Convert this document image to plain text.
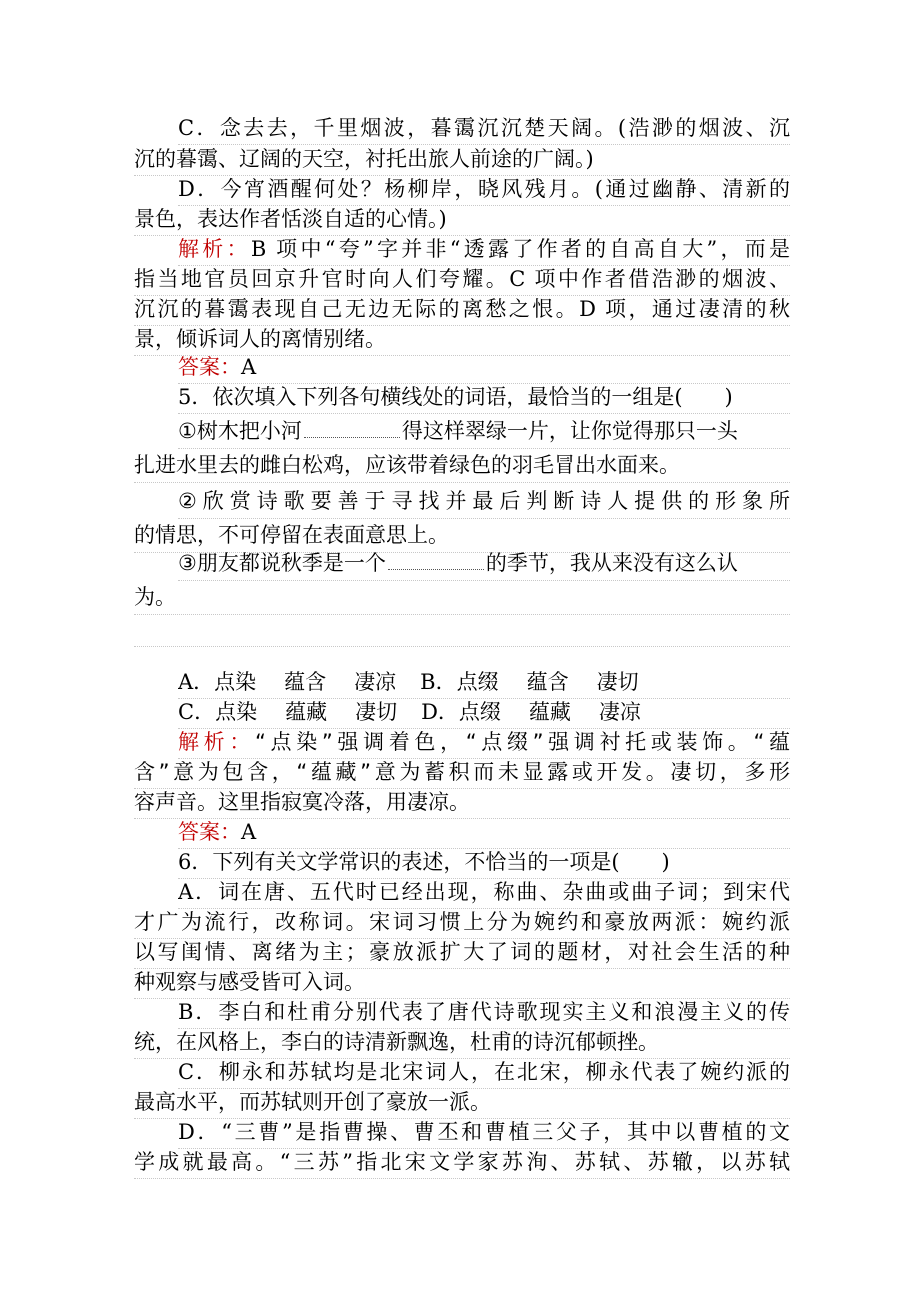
C．念去去，千里烟波，暮霭沉沉楚天阔。(浩渺的烟波、沉
沉的暮霭、辽阔的天空，衬托出旅人前途的广阔。)
D．今宵酒醒何处？杨柳岸，晓风残月。(通过幽静、清新的
景色，表达作者恬淡自适的心情。)
解析：B 项中“夸”字并非“透露了作者的自高自大”，而是
指当地官员回京升官时向人们夸耀。C 项中作者借浩渺的烟波、
沉沉的暮霭表现自己无边无际的离愁之恨。D 项，通过凄清的秋
景，倾诉词人的离情别绪。
答案：A
5．依次填入下列各句横线处的词语，最恰当的一组是(　　)
①树木把小河	得这样翠绿一片，让你觉得那只一头
扎进水里去的雌白松鸡，应该带着绿色的羽毛冒出水面来。
②欣赏诗歌要善于寻找并最后判断诗人提供的形象所
的情思，不可停留在表面意思上。
③朋友都说秋季是一个	的季节，我从来没有这么认
为。
A．点染 蕴含 凄凉 B．点缀 蕴含 凄切
C．点染 蕴藏 凄切 D．点缀 蕴藏 凄凉
解析：“点染”强调着色，“点缀”强调衬托或装饰。“蕴
含”意为包含，“蕴藏”意为蓄积而未显露或开发。凄切，多形
容声音。这里指寂寞冷落，用凄凉。
答案：A
6．下列有关文学常识的表述，不恰当的一项是(　　)
A．词在唐、五代时已经出现，称曲、杂曲或曲子词；到宋代
才广为流行，改称词。宋词习惯上分为婉约和豪放两派：婉约派
以写闺情、离绪为主；豪放派扩大了词的题材，对社会生活的种
种观察与感受皆可入词。
B．李白和杜甫分别代表了唐代诗歌现实主义和浪漫主义的传
统，在风格上，李白的诗清新飘逸，杜甫的诗沉郁顿挫。
C．柳永和苏轼均是北宋词人，在北宋，柳永代表了婉约派的
最高水平，而苏轼则开创了豪放一派。
D．“三曹”是指曹操、曹丕和曹植三父子，其中以曹植的文
学成就最高。“三苏”指北宋文学家苏洵、苏轼、苏辙，以苏轼
